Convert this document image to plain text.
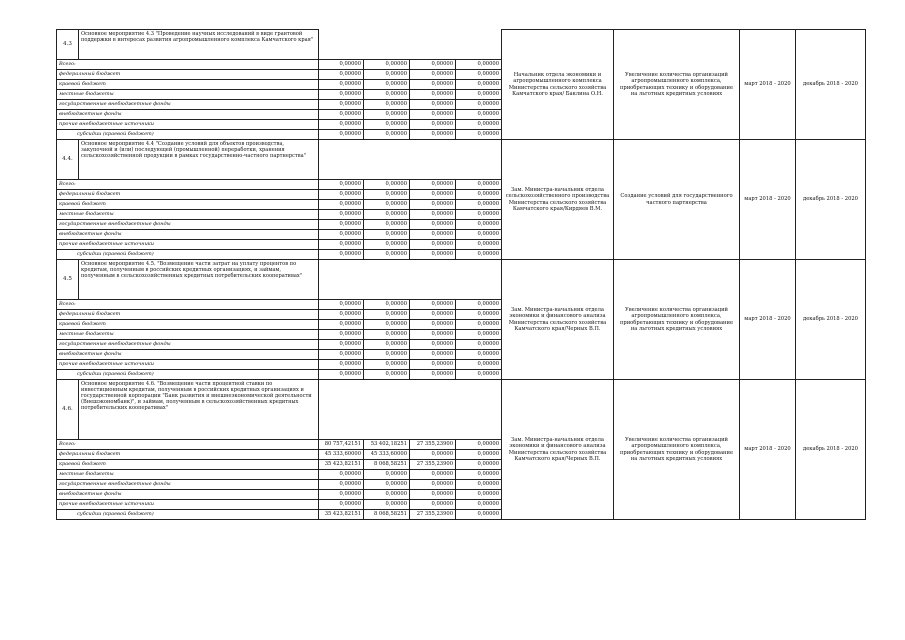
4.3	Основное мероприятие 4.3 "Проведение научных исследований в виде грантовой поддержки в интересах развития агропромышленного комплекса Камчатского края"					Начальник отдела экономики и агропромышленного комплекса Министерства сельского хозяйства Камчатского края/ Баклина О.Н.	Увеличение количества организаций агропромышленного комплекса, приобретающих технику и оборудование на льготных кредитных условиях	март 2018 - 2020	декабрь 2018 - 2020

Всего:		0,00000	0,00000	0,00000	0,00000				
федеральный бюджет		0,00000	0,00000	0,00000	0,00000				
краевой бюджет		0,00000	0,00000	0,00000	0,00000				
местные бюджеты		0,00000	0,00000	0,00000	0,00000				
государственные внебюджетные фонды		0,00000	0,00000	0,00000	0,00000				
внебюджетные фонды		0,00000	0,00000	0,00000	0,00000				
прочие внебюджетные источники		0,00000	0,00000	0,00000	0,00000				
субсидии (краевой бюджет)		0,00000	0,00000	0,00000	0,00000				
4.4.	Основное мероприятие 4.4 "Создание условий для объектов производства, закупочной и (или) последующей (промышленной) переработки, хранения сельскохозяйственной продукции в рамках государственно-частного партнерства"					Зам. Министра-начальник отдела сельскохозяйственного производства Министерства сельского хозяйства Камчатского края/Кирдяев В.М.	Создание условий для государственного частного партнерства	март 2018 - 2020	декабрь 2018 - 2020

Всего:		0,00000	0,00000	0,00000	0,00000				
федеральный бюджет		0,00000	0,00000	0,00000	0,00000				
краевой бюджет		0,00000	0,00000	0,00000	0,00000				
местные бюджеты		0,00000	0,00000	0,00000	0,00000				
государственные внебюджетные фонды		0,00000	0,00000	0,00000	0,00000				
внебюджетные фонды		0,00000	0,00000	0,00000	0,00000				
прочие внебюджетные источники		0,00000	0,00000	0,00000	0,00000				
субсидии (краевой бюджет)		0,00000	0,00000	0,00000	0,00000				
4.5	Основное мероприятие 4.5. "Возмещение части затрат на уплату процентов по кредитам, полученным в российских кредитных организациях, и займам, полученным в сельскохозяйственных кредитных потребительских кооперативах"					Зам. Министра-начальник отдела экономики и финансового анализа Министерства сельского хозяйства Камчатского края/Черных В.П.	Увеличение количества организаций агропромышленного комплекса, приобретающих технику и оборудование на льготных кредитных условиях	март 2018 - 2020	декабрь 2018 - 2020

Всего:		0,00000	0,00000	0,00000	0,00000				
федеральный бюджет		0,00000	0,00000	0,00000	0,00000				
краевой бюджет		0,00000	0,00000	0,00000	0,00000				
местные бюджеты		0,00000	0,00000	0,00000	0,00000				
государственные внебюджетные фонды		0,00000	0,00000	0,00000	0,00000				
внебюджетные фонды		0,00000	0,00000	0,00000	0,00000				
прочие внебюджетные источники		0,00000	0,00000	0,00000	0,00000				
субсидии (краевой бюджет)		0,00000	0,00000	0,00000	0,00000				
4.6.	Основное мероприятие 4.6. "Возмещение части процентной ставки по инвестиционным кредитам, полученным в российских кредитных организациях и государственной корпорации "Банк развития и внешнеэкономической деятельности (Внешэкономбанк)", и займам, полученным в сельскохозяйственных кредитных потребительских кооперативах"					Зам. Министра-начальник отдела экономики и финансового анализа Министерства сельского хозяйства Камчатского края/Черных В.П.	Увеличение количества организаций агропромышленного комплекса, приобретающих технику и оборудование на льготных кредитных условиях	март 2018 - 2020	декабрь 2018 - 2020

Всего:		80 757,42151	53 402,18251	27 355,23900	0,00000				
федеральный бюджет		45 333,60000	45 333,60000	0,00000	0,00000				
краевой бюджет		35 423,82151	8 068,58251	27 355,23900	0,00000				
местные бюджеты		0,00000	0,00000	0,00000	0,00000				
государственные внебюджетные фонды		0,00000	0,00000	0,00000	0,00000				
внебюджетные фонды		0,00000	0,00000	0,00000	0,00000				
прочие внебюджетные источники		0,00000	0,00000	0,00000	0,00000				
субсидии (краевой бюджет)		35 423,82151	8 068,58251	27 355,23900	0,00000				
